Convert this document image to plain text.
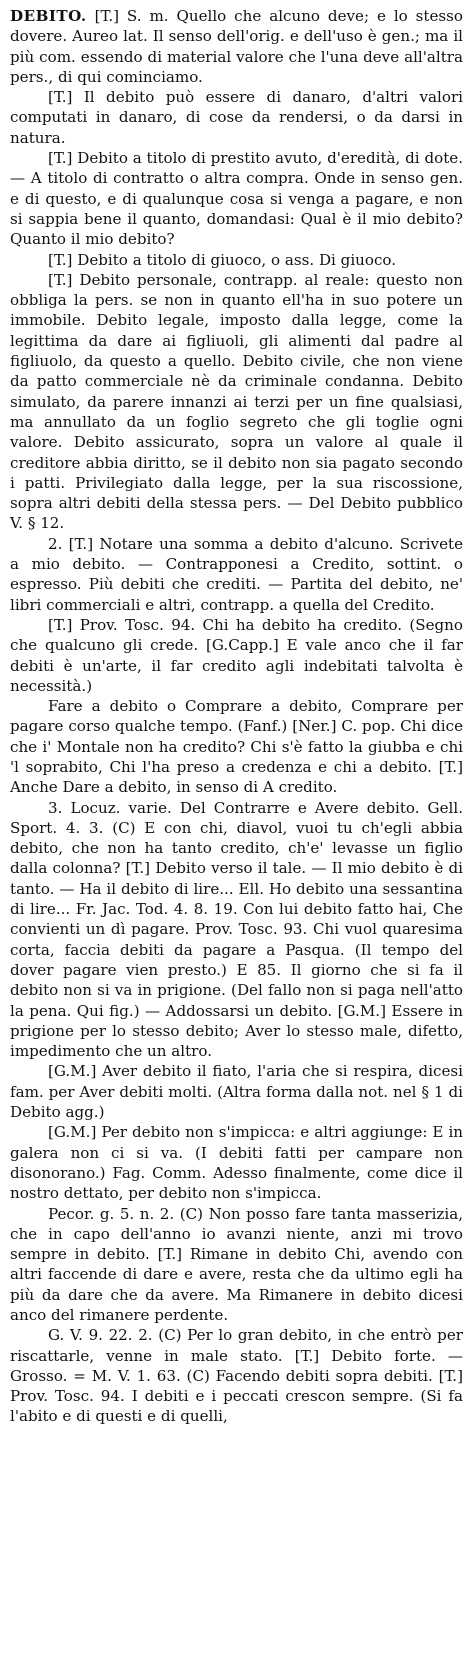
DEBITO. [T.] S. m. Quello che alcuno deve; e lo stesso dovere. Aureo lat. Il senso dell'orig. e dell'uso è gen.; ma il più com. essendo di material valore che l'una deve all'altra pers., di qui cominciamo.

[T.] Il debito può essere di danaro, d'altri valori computati in danaro, di cose da rendersi, o da darsi in natura.

[T.] Debito a titolo di prestito avuto, d'eredità, di dote. — A titolo di contratto o altra compra. Onde in senso gen. e di questo, e di qualunque cosa si venga a pagare, e non si sappia bene il quanto, domandasi: Qual è il mio debito? Quanto il mio debito?

[T.] Debito a titolo di giuoco, o ass. Di giuoco.

[T.] Debito personale, contrapp. al reale: questo non obbliga la pers. se non in quanto ell'ha in suo potere un immobile. Debito legale, imposto dalla legge, come la legittima da dare ai figliuoli, gli alimenti dal padre al figliuolo, da questo a quello. Debito civile, che non viene da patto commerciale nè da criminale condanna. Debito simulato, da parere innanzi ai terzi per un fine qualsiasi, ma annullato da un foglio segreto che gli toglie ogni valore. Debito assicurato, sopra un valore al quale il creditore abbia diritto, se il debito non sia pagato secondo i patti. Privilegiato dalla legge, per la sua riscossione, sopra altri debiti della stessa pers. — Del Debito pubblico V. § 12.

2. [T.] Notare una somma a debito d'alcuno. Scrivete a mio debito. — Contrapponesi a Credito, sottint. o espresso. Più debiti che crediti. — Partita del debito, ne' libri commerciali e altri, contrapp. a quella del Credito.

[T.] Prov. Tosc. 94. Chi ha debito ha credito. (Segno che qualcuno gli crede. [G.Capp.] E vale anco che il far debiti è un'arte, il far credito agli indebitati talvolta è necessità.)

Fare a debito o Comprare a debito, Comprare per pagare corso qualche tempo. (Fanf.) [Ner.] C. pop. Chi dice che i' Montale non ha credito? Chi s'è fatto la giubba e chi 'l soprabito, Chi l'ha preso a credenza e chi a debito. [T.] Anche Dare a debito, in senso di A credito.

3. Locuz. varie. Del Contrarre e Avere debito. Gell. Sport. 4. 3. (C) E con chi, diavol, vuoi tu ch'egli abbia debito, che non ha tanto credito, ch'e' levasse un figlio dalla colonna? [T.] Debito verso il tale. — Il mio debito è di tanto. — Ha il debito di lire... Ell. Ho debito una sessantina di lire... Fr. Jac. Tod. 4. 8. 19. Con lui debito fatto hai, Che convienti un dì pagare. Prov. Tosc. 93. Chi vuol quaresima corta, faccia debiti da pagare a Pasqua. (Il tempo del dover pagare vien presto.) E 85. Il giorno che si fa il debito non si va in prigione. (Del fallo non si paga nell'atto la pena. Qui fig.) — Addossarsi un debito. [G.M.] Essere in prigione per lo stesso debito; Aver lo stesso male, difetto, impedimento che un altro.

[G.M.] Aver debito il fiato, l'aria che si respira, dicesi fam. per Aver debiti molti. (Altra forma dalla not. nel § 1 di Debito agg.)

[G.M.] Per debito non s'impicca: e altri aggiunge: E in galera non ci si va. (I debiti fatti per campare non disonorano.) Fag. Comm. Adesso finalmente, come dice il nostro dettato, per debito non s'impicca.

Pecor. g. 5. n. 2. (C) Non posso fare tanta masserizia, che in capo dell'anno io avanzi niente, anzi mi trovo sempre in debito. [T.] Rimane in debito Chi, avendo con altri faccende di dare e avere, resta che da ultimo egli ha più da dare che da avere. Ma Rimanere in debito dicesi anco del rimanere perdente.

G. V. 9. 22. 2. (C) Per lo gran debito, in che entrò per riscattarle, venne in male stato. [T.] Debito forte. — Grosso. = M. V. 1. 63. (C) Facendo debiti sopra debiti. [T.] Prov. Tosc. 94. I debiti e i peccati crescon sempre. (Si fa l'abito e di questi e di quelli,
